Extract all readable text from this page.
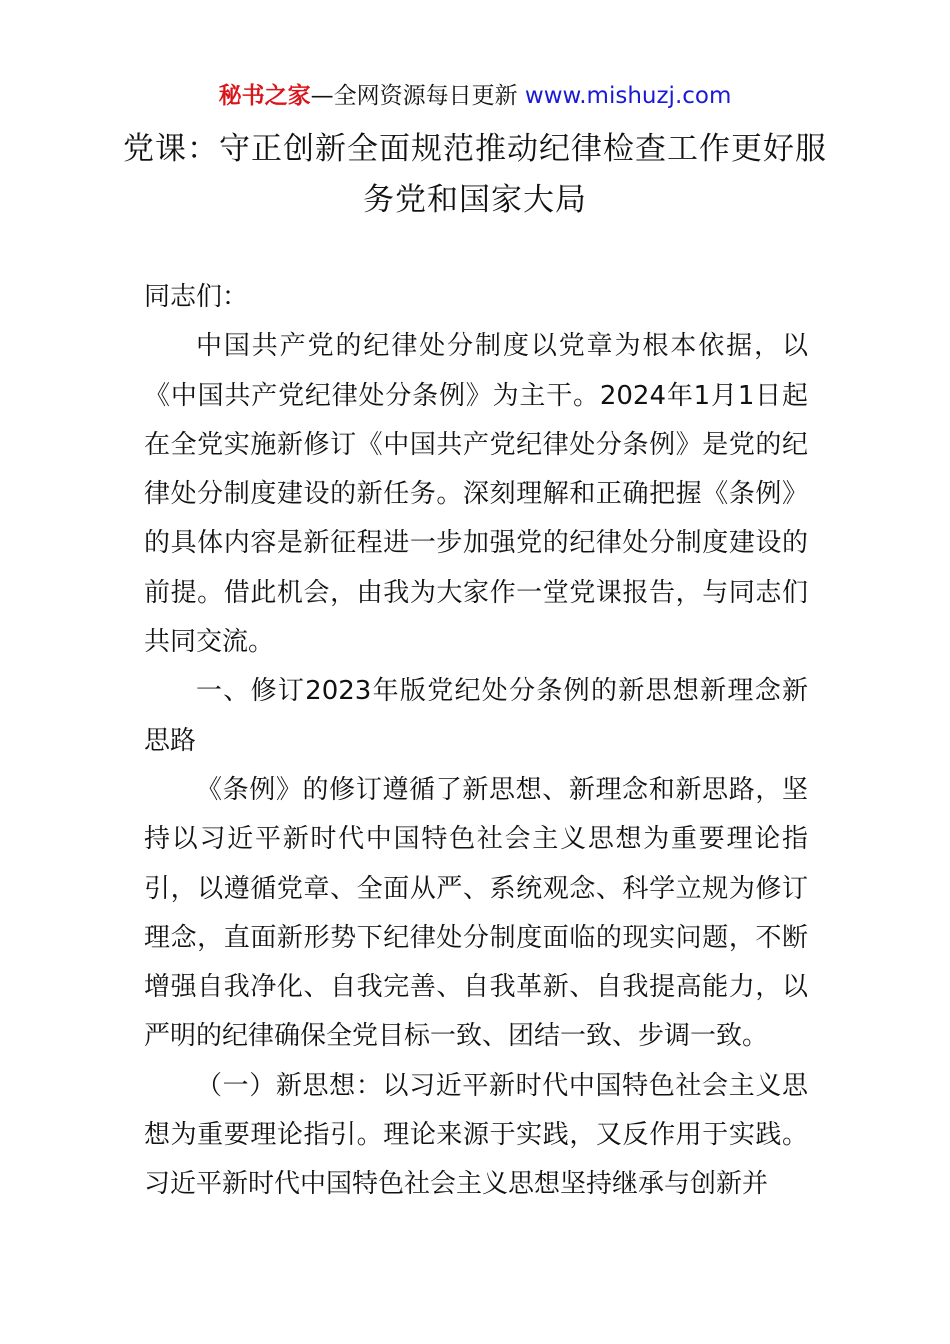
秘书之家—全网资源每日更新 www.mishuzj.com
党课：守正创新全面规范推动纪律检查工作更好服务党和国家大局

同志们：

中国共产党的纪律处分制度以党章为根本依据，以《中国共产党纪律处分条例》为主干。2024年1月1日起在全党实施新修订《中国共产党纪律处分条例》是党的纪律处分制度建设的新任务。深刻理解和正确把握《条例》的具体内容是新征程进一步加强党的纪律处分制度建设的前提。借此机会，由我为大家作一堂党课报告，与同志们共同交流。

一、修订2023年版党纪处分条例的新思想新理念新思路

《条例》的修订遵循了新思想、新理念和新思路，坚持以习近平新时代中国特色社会主义思想为重要理论指引，以遵循党章、全面从严、系统观念、科学立规为修订理念，直面新形势下纪律处分制度面临的现实问题，不断增强自我净化、自我完善、自我革新、自我提高能力，以严明的纪律确保全党目标一致、团结一致、步调一致。

（一）新思想：以习近平新时代中国特色社会主义思想为重要理论指引。理论来源于实践，又反作用于实践。习近平新时代中国特色社会主义思想坚持继承与创新并
